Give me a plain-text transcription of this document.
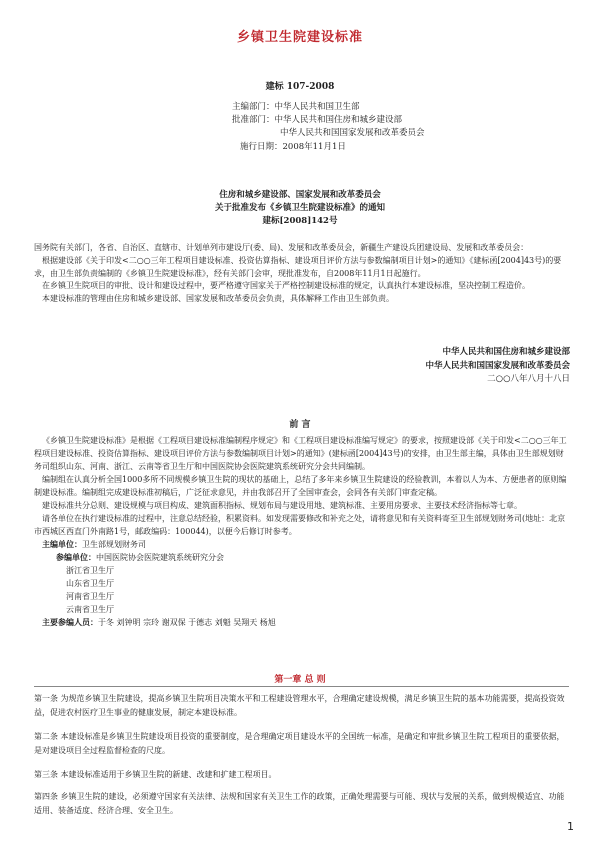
乡镇卫生院建设标准
建标 107-2008
主编部门：中华人民共和国卫生部
批准部门：中华人民共和国住房和城乡建设部
中华人民共和国国家发展和改革委员会
施行日期：2008年11月1日
住房和城乡建设部、国家发展和改革委员会
关于批准发布《乡镇卫生院建设标准》的通知
建标[2008]142号
国务院有关部门，各省、自治区、直辖市、计划单列市建设厅(委、局)、发展和改革委员会，新疆生产建设兵团建设局、发展和改革委员会：
根据建设部《关于印发<二○○三年工程项目建设标准、投资估算指标、建设项目评价方法与参数编制项目计划>的通知》《建标函[2004]43号)的要求，由卫生部负责编制的《乡镇卫生院建设标准》，经有关部门会审，现批准发布，自2008年11月1日起施行。
在乡镇卫生院项目的审批、设计和建设过程中，要严格遵守国家关于严格控制建设标准的规定，认真执行本建设标准，坚决控制工程造价。
本建设标准的管理由住房和城乡建设部、国家发展和改革委员会负责，具体解释工作由卫生部负责。
中华人民共和国住房和城乡建设部
中华人民共和国国家发展和改革委员会
二○○八年八月十八日
前 言
《乡镇卫生院建设标准》是根据《工程项目建设标准编制程序规定》和《工程项目建设标准编写规定》的要求，按照建设部《关于印发<二○○三年工程项目建设标准、投资估算指标、建设项目评价方法与参数编制项目计划>的通知》(建标函[2004]43号)的安排，由卫生部主编，具体由卫生部规划财务司组织山东、河南、浙江、云南等省卫生厅和中国医院协会医院建筑系统研究分会共同编制。
编制组在认真分析全国1000多所不同规模乡镇卫生院的现状的基础上，总结了多年来乡镇卫生院建设的经验教训，本着以人为本、方便患者的原则编制建设标准。编制组完成建设标准初稿后，广泛征求意见，并由我部召开了全国审查会，会同各有关部门审查定稿。
建设标准共分总则、建设规模与项目构成、建筑面积指标、规划布局与建设用地、建筑标准、主要用房要求、主要技术经济指标等七章。
请各单位在执行建设标准的过程中，注意总结经验，积累资料。如发现需要修改和补充之处，请将意见和有关资料寄至卫生部规划财务司(地址：北京市西城区西直门外南路1号，邮政编码：100044)，以便今后修订时参考。
主编单位：卫生部规划财务司
参编单位：中国医院协会医院建筑系统研究分会
浙江省卫生厅
山东省卫生厅
河南省卫生厅
云南省卫生厅
主要参编人员：于冬 刘钟明 宗玲 谢双保 于德志 刘魁 吴翔天 杨旭
第一章 总 则
第一条 为规范乡镇卫生院建设，提高乡镇卫生院项目决策水平和工程建设管理水平，合理确定建设规模，满足乡镇卫生院的基本功能需要，提高投资效益，促进农村医疗卫生事业的健康发展，制定本建设标准。
第二条 本建设标准是乡镇卫生院建设项目投资的重要制度，是合理确定项目建设水平的全国统一标准，是确定和审批乡镇卫生院工程项目的重要依据，是对建设项目全过程监督检查的尺度。
第三条 本建设标准适用于乡镇卫生院的新建、改建和扩建工程项目。
第四条 乡镇卫生院的建设，必须遵守国家有关法律、法规和国家有关卫生工作的政策，正确处理需要与可能、现状与发展的关系，做到规模适宜、功能适用、装备适度、经济合理、安全卫生。
1
